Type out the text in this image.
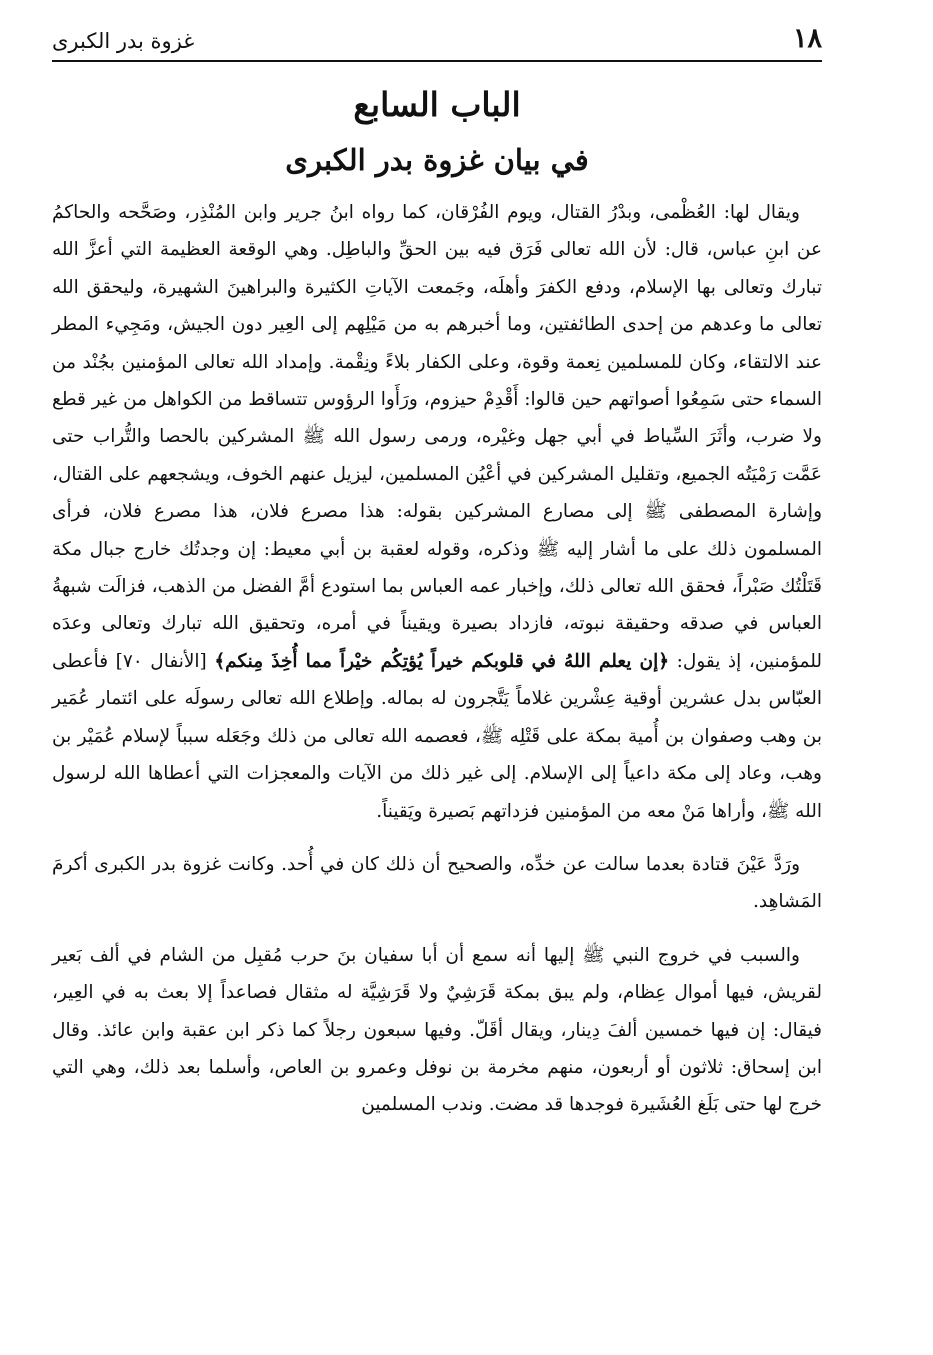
١٨
غزوة بدر الكبرى
الباب السابع
في بيان غزوة بدر الكبرى

ويقال لها: العُظْمى، وبدْرُ القتال، ويوم الفُرْقان، كما رواه ابنُ جرير وابن المُنْذِر، وصَحَّحه والحاكمُ عن ابنِ عباس، قال: لأن الله تعالى فَرَق فيه بين الحقِّ والباطِل. وهي الوقعة العظيمة التي أعزَّ الله تبارك وتعالى بها الإسلام، ودفع الكفرَ وأهلَه، وجَمعت الآياتِ الكثيرة والبراهينَ الشهيرة، وليحقق الله تعالى ما وعدهم من إحدى الطائفتين، وما أخبرهم به من مَيْلِهم إلى العِير دون الجيش، ومَجِيء المطر عند الالتقاء، وكان للمسلمين نِعمة وقوة، وعلى الكفار بلاءً ونِقْمة. وإمداد الله تعالى المؤمنين بجُنْد من السماء حتى سَمِعُوا أصواتهم حين قالوا: أَقْدِمْ حيزوم، ورَأَوا الرؤوس تتساقط من الكواهل من غير قطع ولا ضرب، وأثَرَ السِّياط في أبي جهل وغيْره، ورمى رسول الله ﷺ المشركين بالحصا والتُّراب حتى عَمَّت رَمْيَتُه الجميع، وتقليل المشركين في أعْيُن المسلمين، ليزيل عنهم الخوف، ويشجعهم على القتال، وإشارة المصطفى ﷺ إلى مصارع المشركين بقوله: هذا مصرع فلان، هذا مصرع فلان، فرأى المسلمون ذلك على ما أشار إليه ﷺ وذكره، وقوله لعقبة بن أبي معيط: إن وجدتُك خارج جبال مكة قَتَلْتُك صَبْراً، فحقق الله تعالى ذلك، وإخبار عمه العباس بما استودع أمَّ الفضل من الذهب، فزالَت شبهةُ العباس في صدقه وحقيقة نبوته، فازداد بصيرة ويقيناً في أمره، وتحقيق الله تبارك وتعالى وعدَه للمؤمنين، إذ يقول: ﴿إن يعلم اللهُ في قلوبكم خيراً يُؤتِكُم خيْراً مما أُخِذَ مِنكم﴾ [الأنفال ٧٠] فأعطى العبّاس بدل عشرين أوقية عِشْرين غلاماً يَتَّجرون له بماله. وإطلاع الله تعالى رسولَه على ائتمار عُمَير بن وهب وصفوان بن أُمية بمكة على قَتْلِه ﷺ، فعصمه الله تعالى من ذلك وجَعَله سبباً لإسلام عُمَيْر بن وهب، وعاد إلى مكة داعياً إلى الإسلام. إلى غير ذلك من الآيات والمعجزات التي أعطاها الله لرسول الله ﷺ، وأراها مَنْ معه من المؤمنين فزداتهم بَصيرة ويَقيناً.

ورَدَّ عَيْنَ قتادة بعدما سالت عن خدِّه، والصحيح أن ذلك كان في أُحد. وكانت غزوة بدر الكبرى أكرمَ المَشاهِد.

والسبب في خروج النبي ﷺ إليها أنه سمع أن أبا سفيان بنَ حرب مُقبِل من الشام في ألف بَعير لقريش، فيها أموال عِظام، ولم يبق بمكة قَرَشِيٌ ولا قَرَشِيَّة له مثقال فصاعداً إلا بعث به في العِير، فيقال: إن فيها خمسين ألفَ دِينار، ويقال أقَلّ. وفيها سبعون رجلاً كما ذكر ابن عقبة وابن عائذ. وقال ابن إسحاق: ثلاثون أو أربعون، منهم مخرمة بن نوفل وعمرو بن العاص، وأسلما بعد ذلك، وهي التي خرج لها حتى بَلَغ العُشَيرة فوجدها قد مضت. وندب المسلمين
